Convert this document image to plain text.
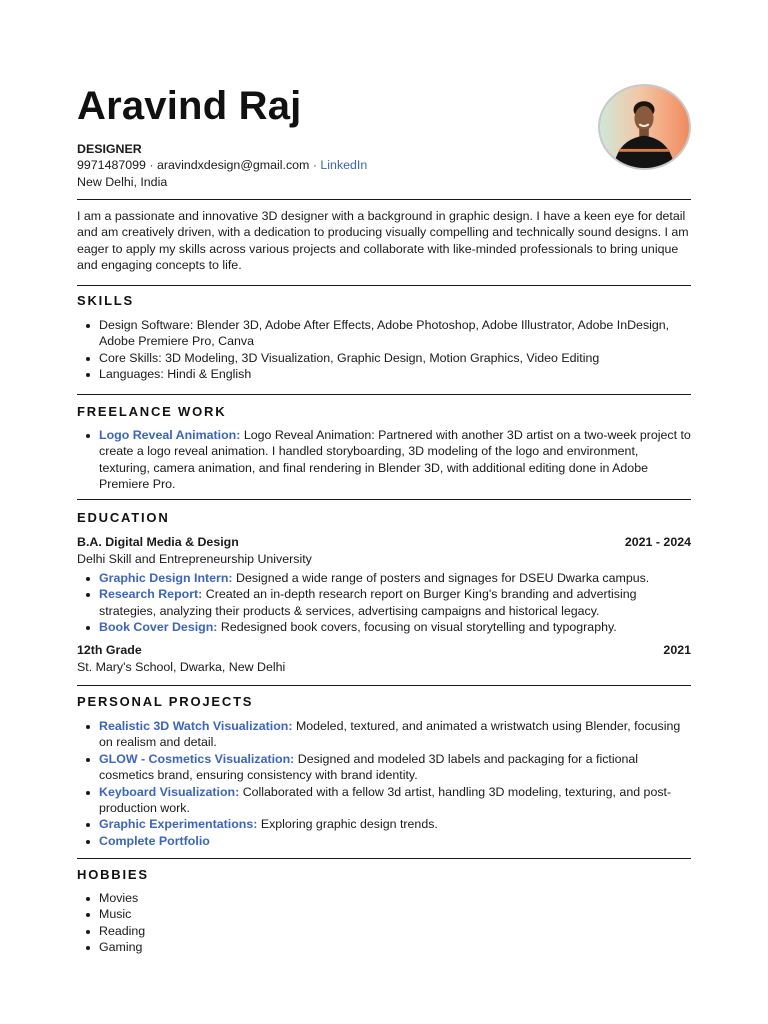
Aravind Raj
DESIGNER
9971487099 · aravindxdesign@gmail.com · LinkedIn
New Delhi, India

I am a passionate and innovative 3D designer with a background in graphic design. I have a keen eye for detail and am creatively driven, with a dedication to producing visually compelling and technically sound designs. I am eager to apply my skills across various projects and collaborate with like-minded professionals to bring unique and engaging concepts to life.

SKILLS
Design Software: Blender 3D, Adobe After Effects, Adobe Photoshop, Adobe Illustrator, Adobe InDesign, Adobe Premiere Pro, Canva
Core Skills: 3D Modeling, 3D Visualization, Graphic Design, Motion Graphics, Video Editing
Languages: Hindi & English
FREELANCE WORK
Logo Reveal Animation: Logo Reveal Animation: Partnered with another 3D artist on a two-week project to create a logo reveal animation. I handled storyboarding, 3D modeling of the logo and environment, texturing, camera animation, and final rendering in Blender 3D, with additional editing done in Adobe Premiere Pro.
EDUCATION
B.A. Digital Media & Design	2021 - 2024
Delhi Skill and Entrepreneurship University
Graphic Design Intern: Designed a wide range of posters and signages for DSEU Dwarka campus.
Research Report: Created an in-depth research report on Burger King's branding and advertising strategies, analyzing their products & services, advertising campaigns and historical legacy.
Book Cover Design: Redesigned book covers, focusing on visual storytelling and typography.
12th Grade	2021
St. Mary's School, Dwarka, New Delhi
PERSONAL PROJECTS
Realistic 3D Watch Visualization: Modeled, textured, and animated a wristwatch using Blender, focusing on realism and detail.
GLOW - Cosmetics Visualization: Designed and modeled 3D labels and packaging for a fictional cosmetics brand, ensuring consistency with brand identity.
Keyboard Visualization: Collaborated with a fellow 3d artist, handling 3D modeling, texturing, and post-production work.
Graphic Experimentations: Exploring graphic design trends.
Complete Portfolio
HOBBIES
Movies
Music
Reading
Gaming
